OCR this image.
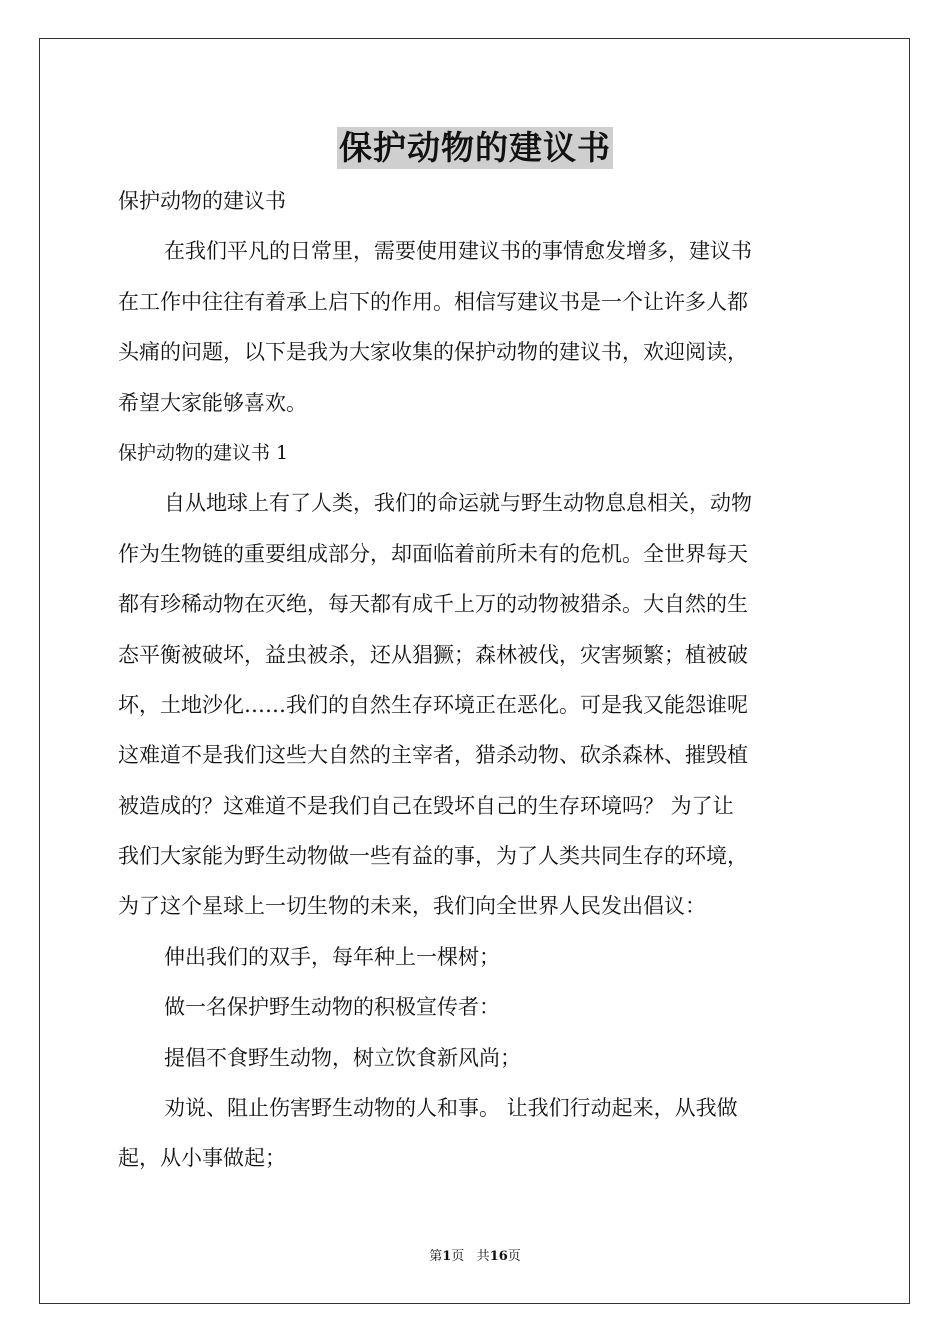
保护动物的建议书
保护动物的建议书
在我们平凡的日常里，需要使用建议书的事情愈发增多，建议书
在工作中往往有着承上启下的作用。相信写建议书是一个让许多人都
头痛的问题，以下是我为大家收集的保护动物的建议书，欢迎阅读，
希望大家能够喜欢。
保护动物的建议书 1
自从地球上有了人类，我们的命运就与野生动物息息相关，动物
作为生物链的重要组成部分，却面临着前所未有的危机。全世界每天
都有珍稀动物在灭绝，每天都有成千上万的动物被猎杀。大自然的生
态平衡被破坏，益虫被杀，还从猖獗；森林被伐，灾害频繁；植被破
坏，土地沙化……我们的自然生存环境正在恶化。可是我又能怨谁呢
这难道不是我们这些大自然的主宰者，猎杀动物、砍杀森林、摧毁植
被造成的？这难道不是我们自己在毁坏自己的生存环境吗？ 为了让
我们大家能为野生动物做一些有益的事，为了人类共同生存的环境，
为了这个星球上一切生物的未来，我们向全世界人民发出倡议：
伸出我们的双手，每年种上一棵树；
做一名保护野生动物的积极宣传者：
提倡不食野生动物，树立饮食新风尚；
劝说、阻止伤害野生动物的人和事。 让我们行动起来，从我做
起，从小事做起；
第1页 共16页
